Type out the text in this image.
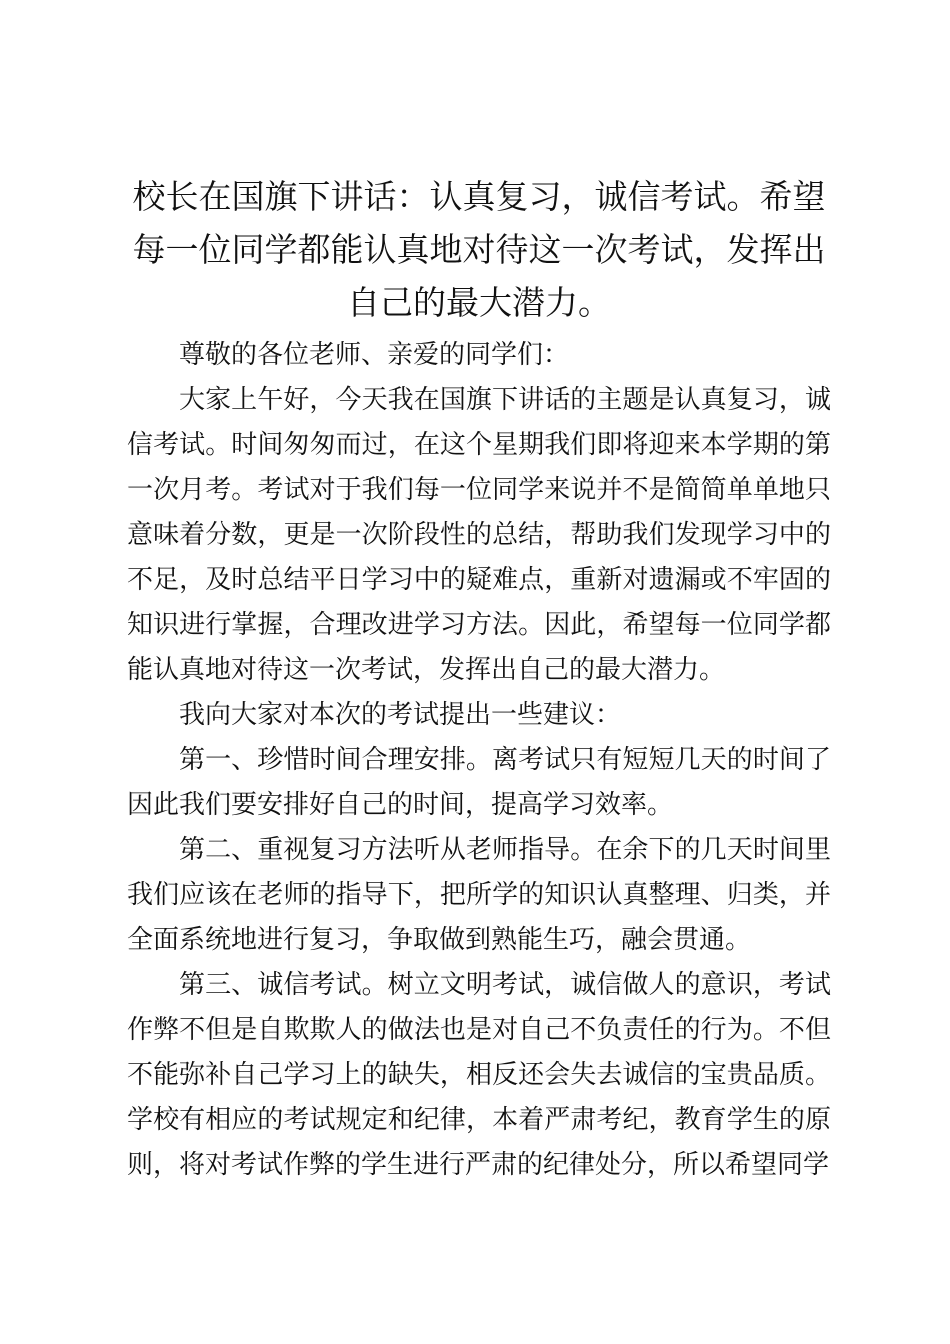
校长在国旗下讲话：认真复习，诚信考试。希望每一位同学都能认真地对待这一次考试，发挥出自己的最大潜力。

尊敬的各位老师、亲爱的同学们：

大家上午好，今天我在国旗下讲话的主题是认真复习，诚信考试。时间匆匆而过，在这个星期我们即将迎来本学期的第一次月考。考试对于我们每一位同学来说并不是简简单单地只意味着分数，更是一次阶段性的总结，帮助我们发现学习中的不足，及时总结平日学习中的疑难点，重新对遗漏或不牢固的知识进行掌握，合理改进学习方法。因此，希望每一位同学都能认真地对待这一次考试，发挥出自己的最大潜力。

我向大家对本次的考试提出一些建议：

第一、珍惜时间合理安排。离考试只有短短几天的时间了因此我们要安排好自己的时间，提高学习效率。

第二、重视复习方法听从老师指导。在余下的几天时间里我们应该在老师的指导下，把所学的知识认真整理、归类，并全面系统地进行复习，争取做到熟能生巧，融会贯通。

第三、诚信考试。树立文明考试，诚信做人的意识，考试作弊不但是自欺欺人的做法也是对自己不负责任的行为。不但不能弥补自己学习上的缺失，相反还会失去诚信的宝贵品质。学校有相应的考试规定和纪律，本着严肃考纪，教育学生的原则，将对考试作弊的学生进行严肃的纪律处分，所以希望同学
